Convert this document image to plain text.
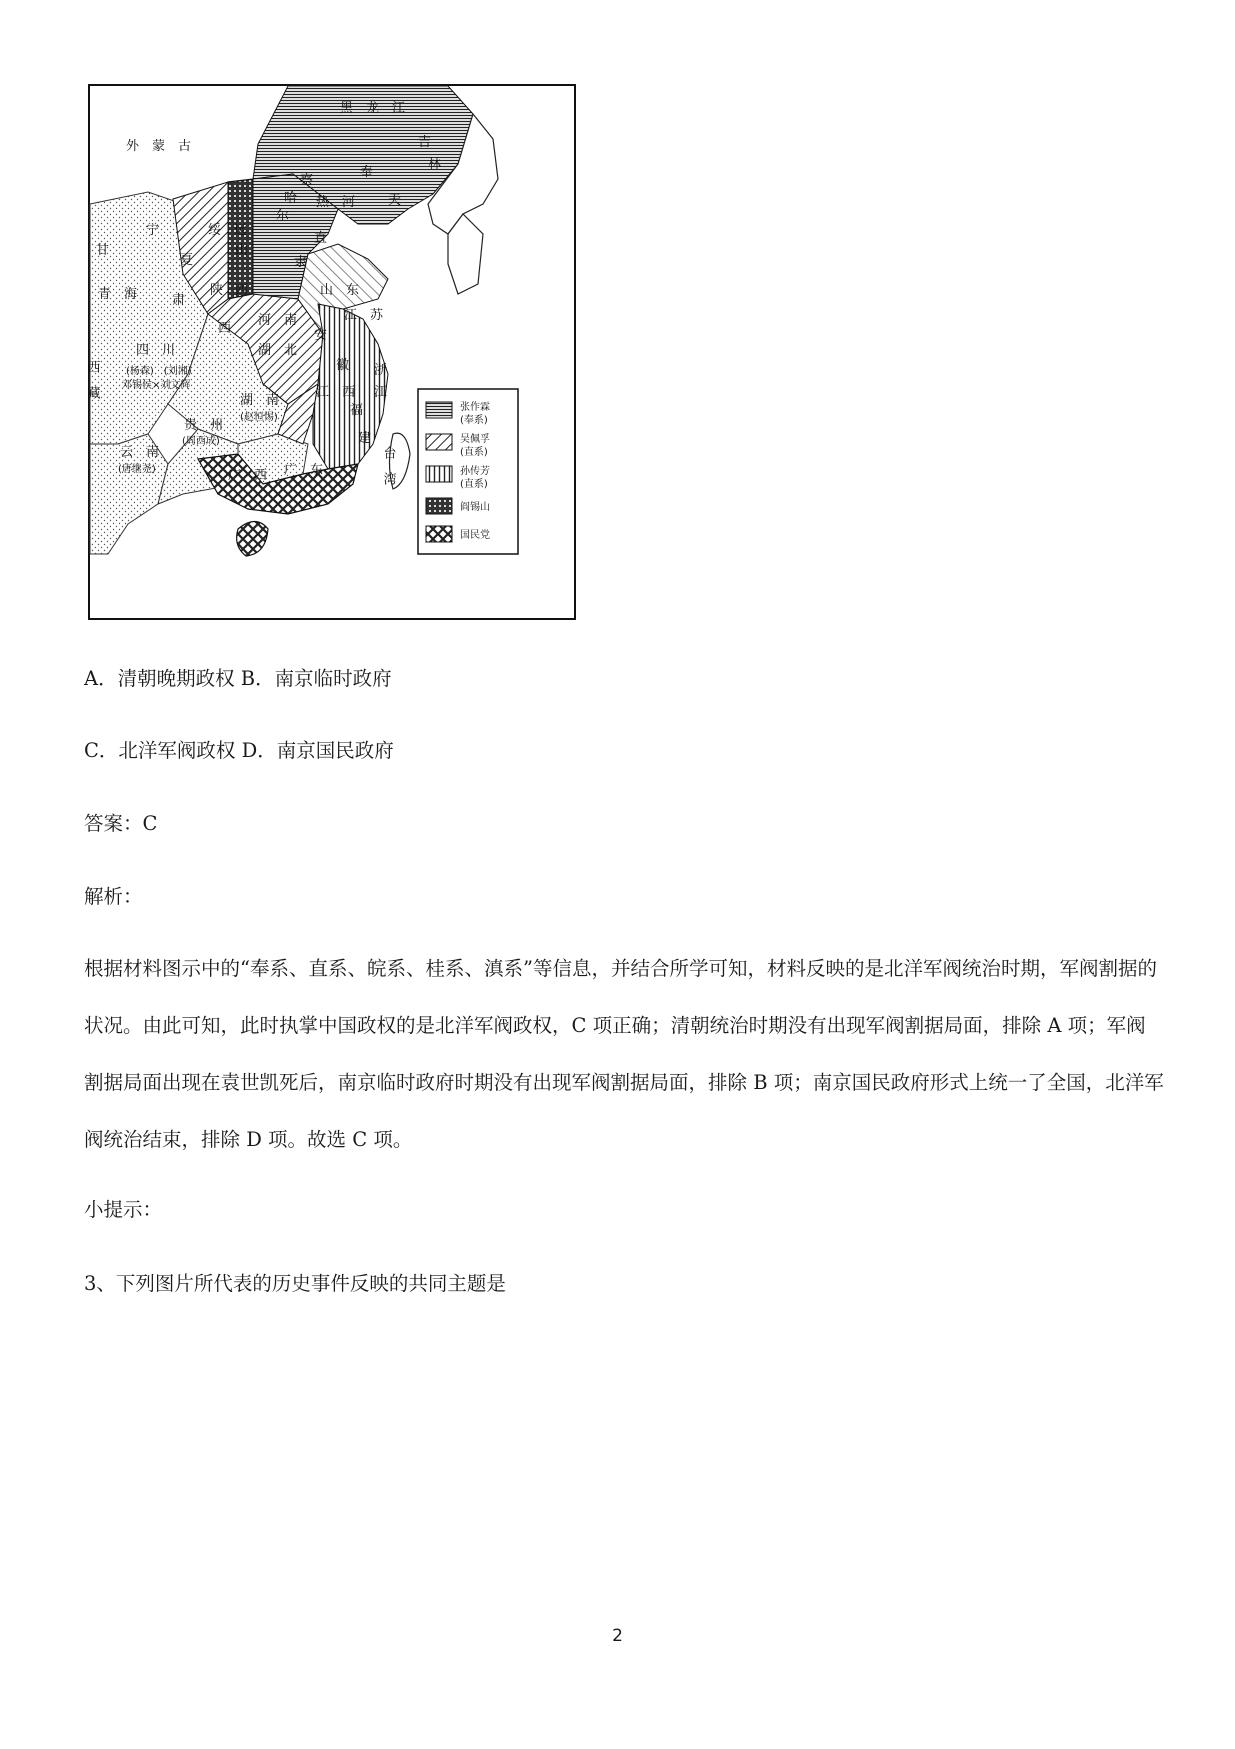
张作霖
(奉系)
吴佩孚
(直系)
孙传芳
(直系)
阎锡山
国民党
外　蒙　古
黑　龙　江
吉
林
奉
天
察
哈
尔
热　河
绥 远
宁
甘
夏
青　海	肃
山
西
直
隶
山　东
陕
西
河　南
安
徽
江　苏
湖　北
浙
江
江　西
福
建
四　川
(杨森)　(刘湘)
邓锡侯×刘文辉
西　藏
湖　南
(赵恒惕)
贵　州
(周西成)
云　南
(唐继尧)	广　西 广　东	台　湾
A．清朝晚期政权 B．南京临时政府
C．北洋军阀政权 D．南京国民政府
答案：C
解析：
根据材料图示中的“奉系、直系、皖系、桂系、滇系”等信息，并结合所学可知，材料反映的是北洋军阀统治时期，军阀割据的状况。由此可知，此时执掌中国政权的是北洋军阀政权，C 项正确；清朝统治时期没有出现军阀割据局面，排除 A 项；军阀割据局面出现在袁世凯死后，南京临时政府时期没有出现军阀割据局面，排除 B 项；南京国民政府形式上统一了全国，北洋军阀统治结束，排除 D 项。故选 C 项。
小提示：
3、下列图片所代表的历史事件反映的共同主题是
2
